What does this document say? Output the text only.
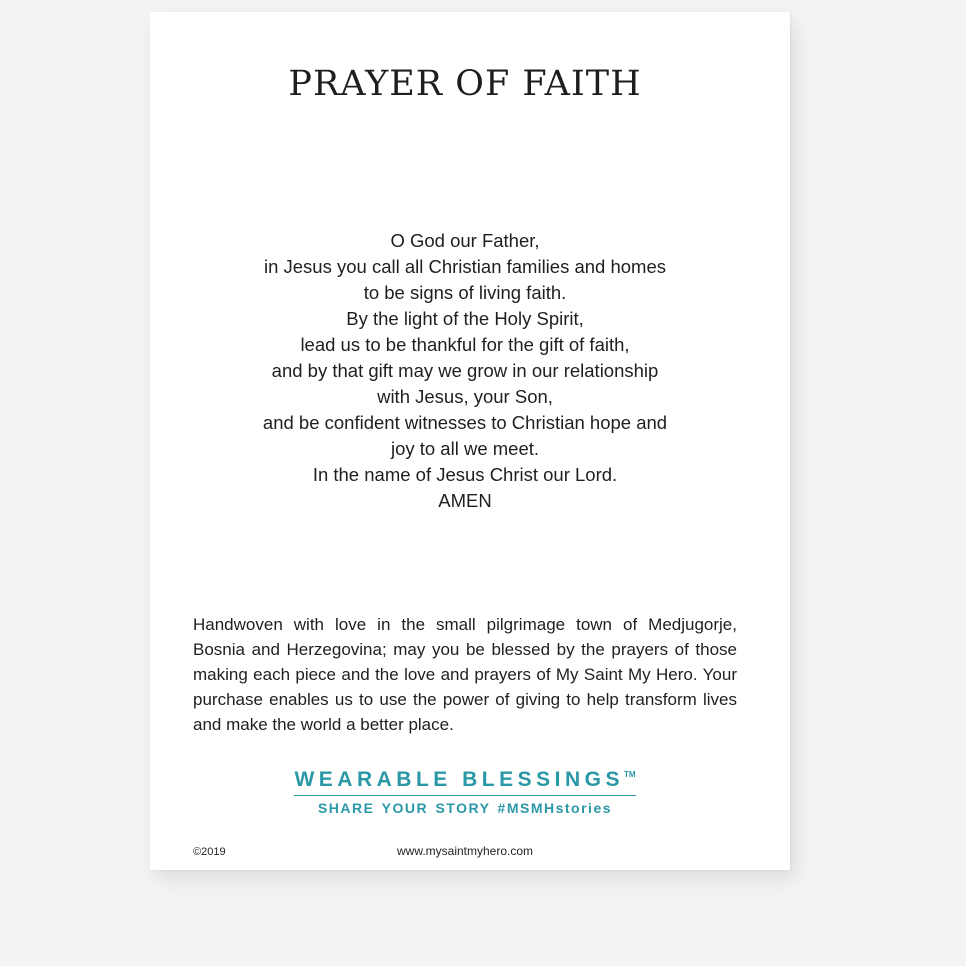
PRAYER OF FAITH
O God our Father,
in Jesus you call all Christian families and homes
to be signs of living faith.
By the light of the Holy Spirit,
lead us to be thankful for the gift of faith,
and by that gift may we grow in our relationship
with Jesus, your Son,
and be confident witnesses to Christian hope and
joy to all we meet.
In the name of Jesus Christ our Lord.
AMEN

Handwoven with love in the small pilgrimage town of Medjugorje, Bosnia and Herzegovina; may you be blessed by the prayers of those making each piece and the love and prayers of My Saint My Hero. Your purchase enables us to use the power of giving to help transform lives and make the world a better place.

WEARABLE BLESSINGS™
SHARE YOUR STORY #MSMHstories
©2019	www.mysaintmyhero.com
